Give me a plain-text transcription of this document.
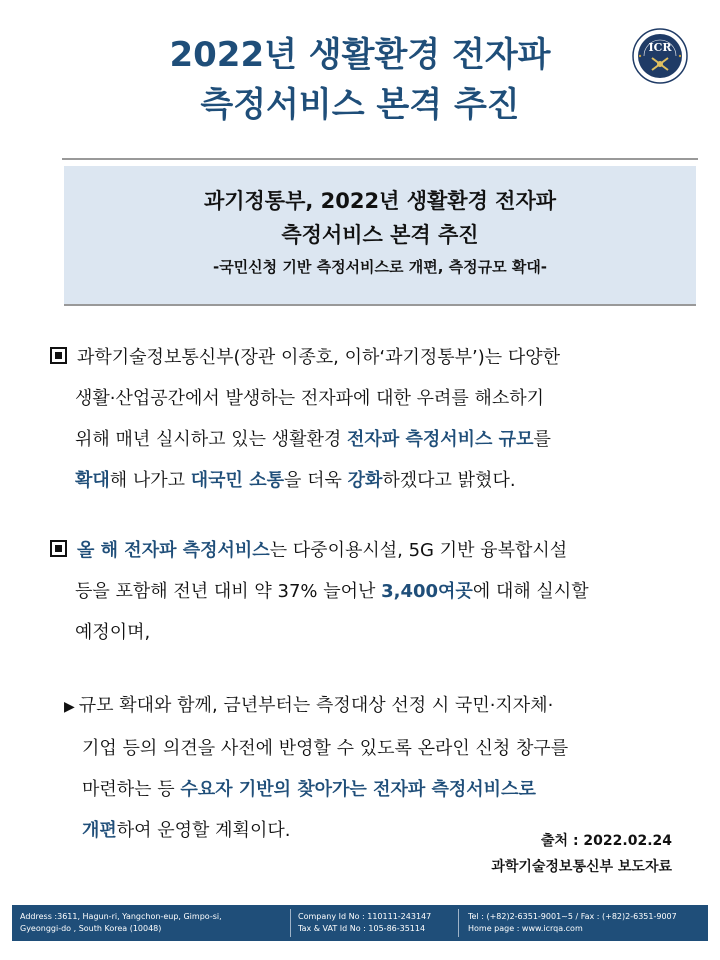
2022년 생활환경 전자파
측정서비스 본격 추진
ICR
과기정통부, 2022년 생활환경 전자파
측정서비스 본격 추진
-국민신청 기반 측정서비스로 개편, 측정규모 확대-
과학기술정보통신부(장관 이종호, 이하‘과기정통부’)는 다양한
생활·산업공간에서 발생하는 전자파에 대한 우려를 해소하기
위해 매년 실시하고 있는 생활환경 전자파 측정서비스 규모를
확대해 나가고 대국민 소통을 더욱 강화하겠다고 밝혔다.
올 해 전자파 측정서비스는 다중이용시설, 5G 기반 융복합시설
등을 포함해 전년 대비 약 37% 늘어난 3,400여곳에 대해 실시할
예정이며,
▶ 규모 확대와 함께, 금년부터는 측정대상 선정 시 국민·지자체·
기업 등의 의견을 사전에 반영할 수 있도록 온라인 신청 창구를
마련하는 등 수요자 기반의 찾아가는 전자파 측정서비스로
개편하여 운영할 계획이다.	출처 : 2022.02.24
과학기술정보통신부 보도자료
Address :3611, Hagun-ri, Yangchon-eup, Gimpo-si,
Gyeonggi-do , South Korea (10048)
Company Id No : 110111-243147
Tax & VAT Id No : 105-86-35114
Tel : (+82)2-6351-9001~5 / Fax : (+82)2-6351-9007
Home page : www.icrqa.com
